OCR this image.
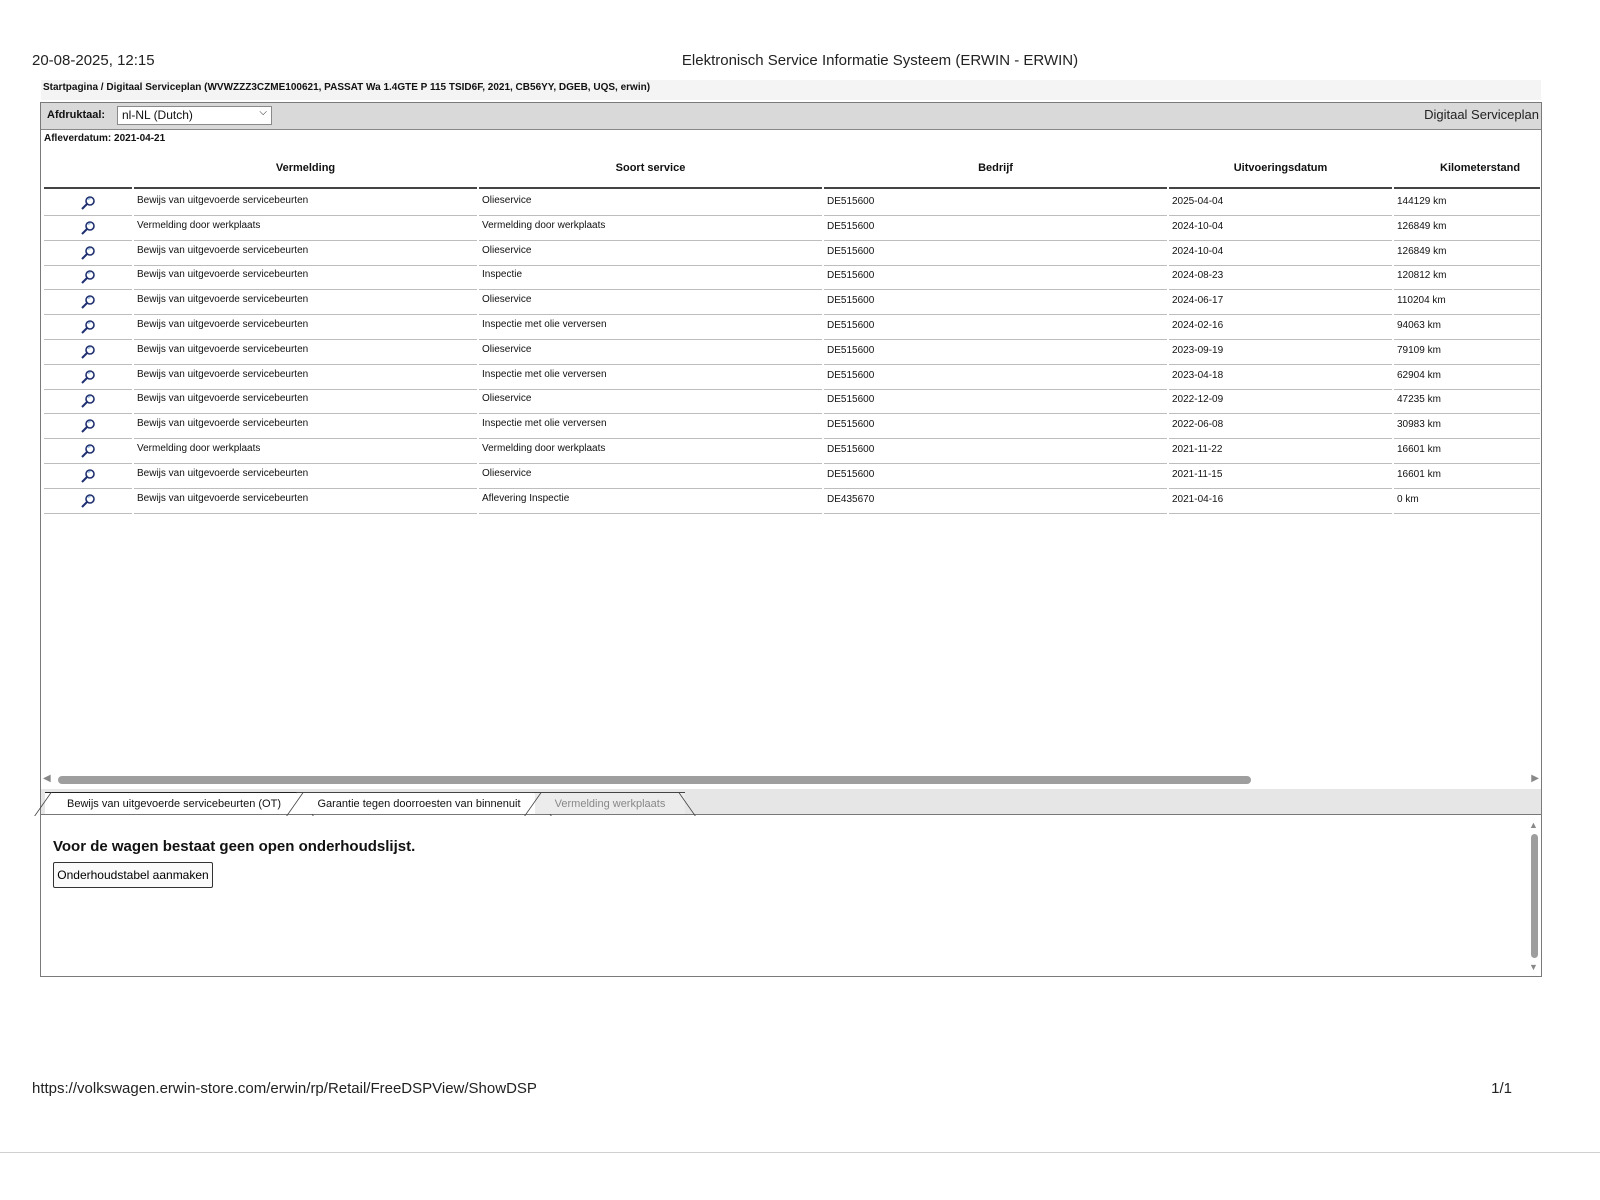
20-08-2025, 12:15	Elektronisch Service Informatie Systeem (ERWIN - ERWIN)
Startpagina / Digitaal Serviceplan (WVWZZZ3CZME100621, PASSAT Wa 1.4GTE P 115 TSID6F, 2021, CB56YY, DGEB, UQS, erwin)
Afdruktaal:	nl-NL (Dutch)	⌵	Digitaal Serviceplan
Afleverdatum: 2021-04-21
Vermelding	Soort service	Bedrijf	Uitvoeringsdatum	Kilometerstand
Bewijs van uitgevoerde servicebeurten	Olieservice	DE515600	2025-04-04	144129 km
Vermelding door werkplaats	Vermelding door werkplaats	DE515600	2024-10-04	126849 km
Bewijs van uitgevoerde servicebeurten	Olieservice	DE515600	2024-10-04	126849 km
Bewijs van uitgevoerde servicebeurten	Inspectie	DE515600	2024-08-23	120812 km
Bewijs van uitgevoerde servicebeurten	Olieservice	DE515600	2024-06-17	110204 km
Bewijs van uitgevoerde servicebeurten	Inspectie met olie verversen	DE515600	2024-02-16	94063 km
Bewijs van uitgevoerde servicebeurten	Olieservice	DE515600	2023-09-19	79109 km
Bewijs van uitgevoerde servicebeurten	Inspectie met olie verversen	DE515600	2023-04-18	62904 km
Bewijs van uitgevoerde servicebeurten	Olieservice	DE515600	2022-12-09	47235 km
Bewijs van uitgevoerde servicebeurten	Inspectie met olie verversen	DE515600	2022-06-08	30983 km
Vermelding door werkplaats	Vermelding door werkplaats	DE515600	2021-11-22	16601 km
Bewijs van uitgevoerde servicebeurten	Olieservice	DE515600	2021-11-15	16601 km
Bewijs van uitgevoerde servicebeurten	Aflevering Inspectie	DE435670	2021-04-16	0 km
◀	▶
Bewijs van uitgevoerde servicebeurten (OT)	Garantie tegen doorroesten van binnenuit	Vermelding werkplaats
Voor de wagen bestaat geen open onderhoudslijst.
Onderhoudstabel aanmaken
▲
▼
https://volkswagen.erwin-store.com/erwin/rp/Retail/FreeDSPView/ShowDSP	1/1
